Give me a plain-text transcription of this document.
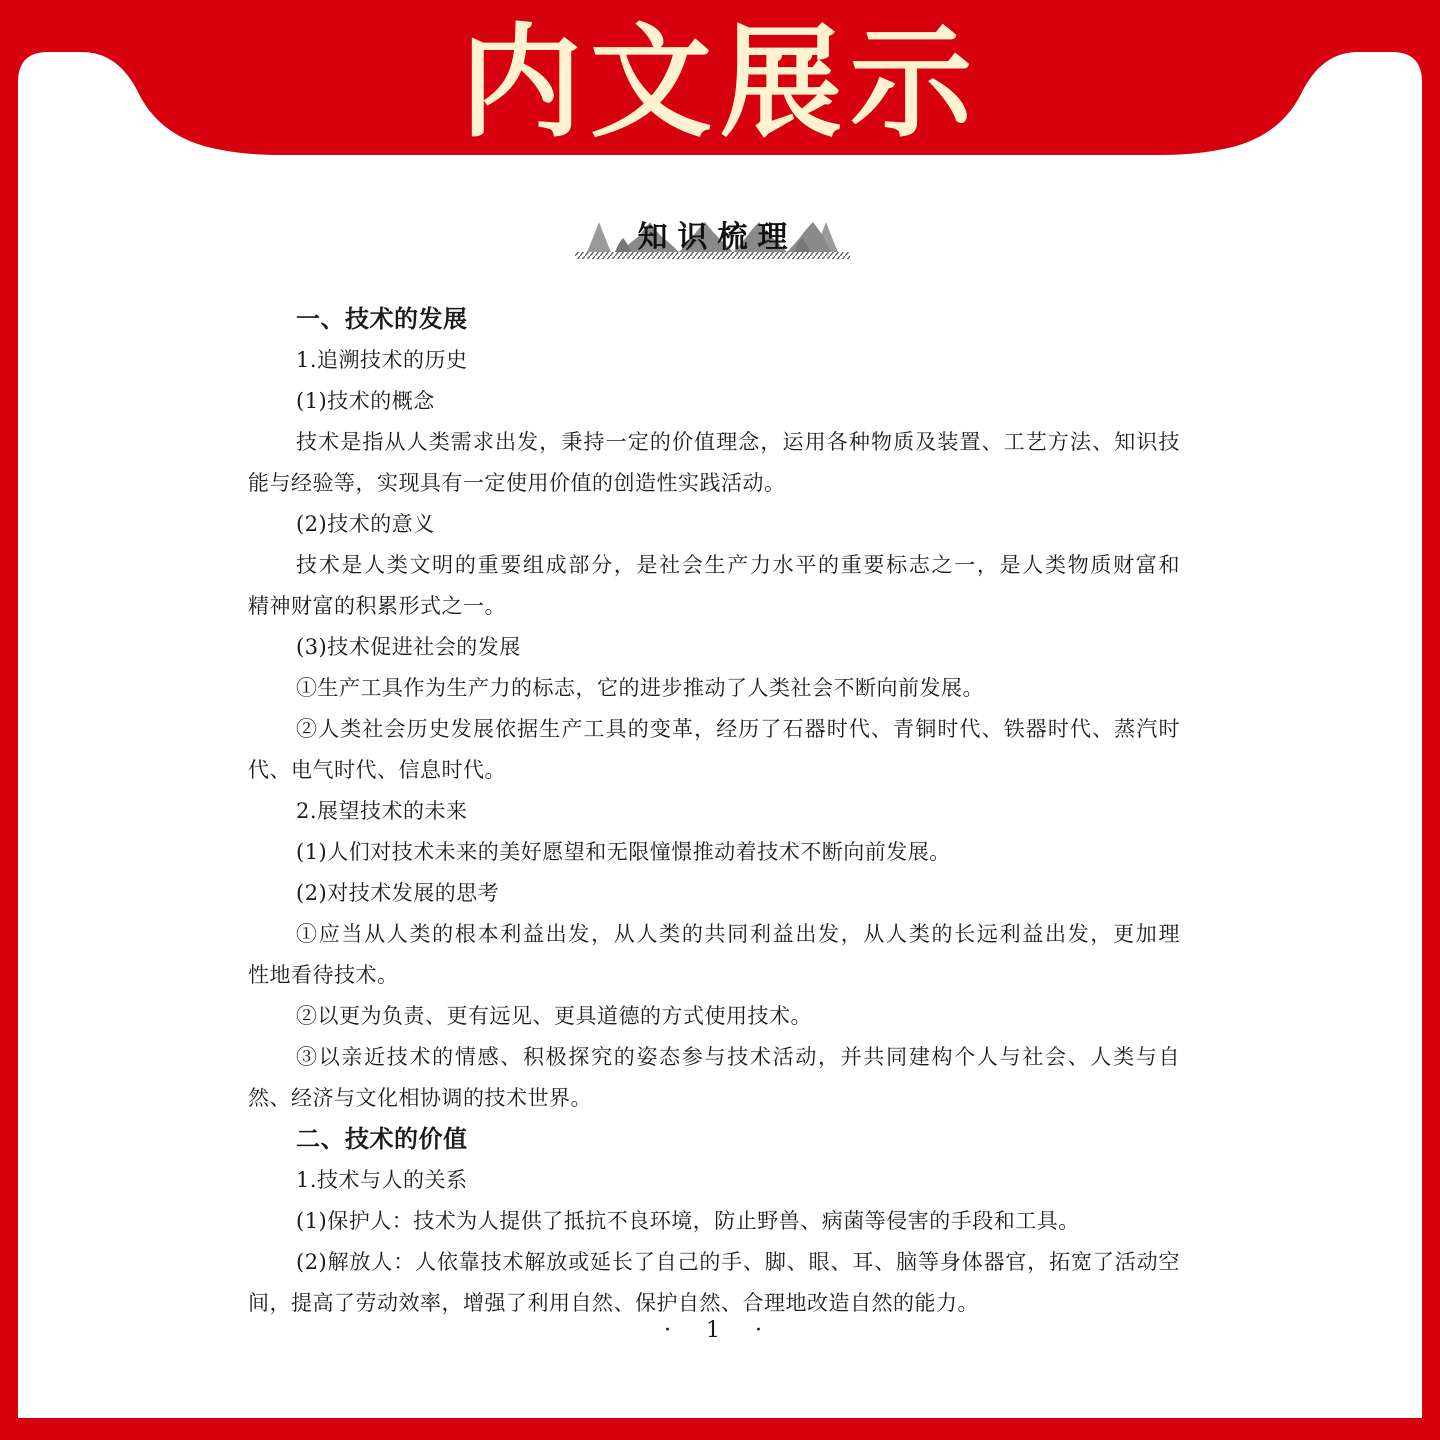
内文展示
知识梳理
一、技术的发展
1.追溯技术的历史
(1)技术的概念
技术是指从人类需求出发，秉持一定的价值理念，运用各种物质及装置、工艺方法、知识技
能与经验等，实现具有一定使用价值的创造性实践活动。
(2)技术的意义
技术是人类文明的重要组成部分，是社会生产力水平的重要标志之一，是人类物质财富和
精神财富的积累形式之一。
(3)技术促进社会的发展
①生产工具作为生产力的标志，它的进步推动了人类社会不断向前发展。
②人类社会历史发展依据生产工具的变革，经历了石器时代、青铜时代、铁器时代、蒸汽时
代、电气时代、信息时代。
2.展望技术的未来
(1)人们对技术未来的美好愿望和无限憧憬推动着技术不断向前发展。
(2)对技术发展的思考
①应当从人类的根本利益出发，从人类的共同利益出发，从人类的长远利益出发，更加理
性地看待技术。
②以更为负责、更有远见、更具道德的方式使用技术。
③以亲近技术的情感、积极探究的姿态参与技术活动，并共同建构个人与社会、人类与自
然、经济与文化相协调的技术世界。
二、技术的价值
1.技术与人的关系
(1)保护人：技术为人提供了抵抗不良环境，防止野兽、病菌等侵害的手段和工具。
(2)解放人：人依靠技术解放或延长了自己的手、脚、眼、耳、脑等身体器官，拓宽了活动空
间，提高了劳动效率，增强了利用自然、保护自然、合理地改造自然的能力。
· 1 ·
